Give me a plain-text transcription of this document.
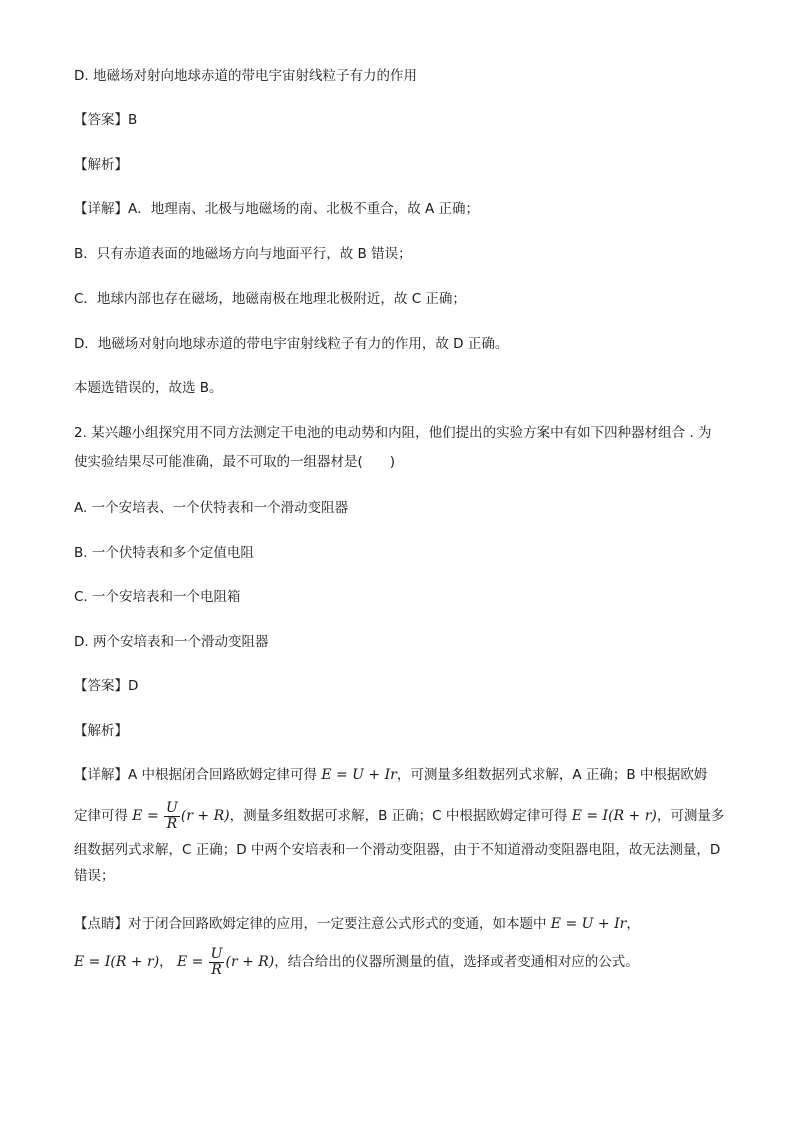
D. 地磁场对射向地球赤道的带电宇宙射线粒子有力的作用
【答案】B
【解析】
【详解】A．地理南、北极与地磁场的南、北极不重合，故 A 正确；
B．只有赤道表面的地磁场方向与地面平行，故 B 错误；
C．地球内部也存在磁场，地磁南极在地理北极附近，故 C 正确；
D．地磁场对射向地球赤道的带电宇宙射线粒子有力的作用，故 D 正确。
本题选错误的，故选 B。
2. 某兴趣小组探究用不同方法测定干电池的电动势和内阻，他们提出的实验方案中有如下四种器材组合 . 为
使实验结果尽可能准确，最不可取的一组器材是(　　)
A. 一个安培表、一个伏特表和一个滑动变阻器
B. 一个伏特表和多个定值电阻
C. 一个安培表和一个电阻箱
D. 两个安培表和一个滑动变阻器
【答案】D
【解析】
【详解】A 中根据闭合回路欧姆定律可得 E = U + Ir，可测量多组数据列式求解，A 正确；B 中根据欧姆
定律可得 $E = \frac{U}{R} (r + R)$，测量多组数据可求解，B 正确；C 中根据欧姆定律可得 E = I(R + r)，可测量多
组数据列式求解，C 正确；D 中两个安培表和一个滑动变阻器，由于不知道滑动变阻器电阻，故无法测量，D
错误；
【点睛】对于闭合回路欧姆定律的应用，一定要注意公式形式的变通，如本题中 E = U + Ir，
E = I(R + r)， $E = \frac{U}{R} (r + R)$，结合给出的仪器所测量的值，选择或者变通相对应的公式。
